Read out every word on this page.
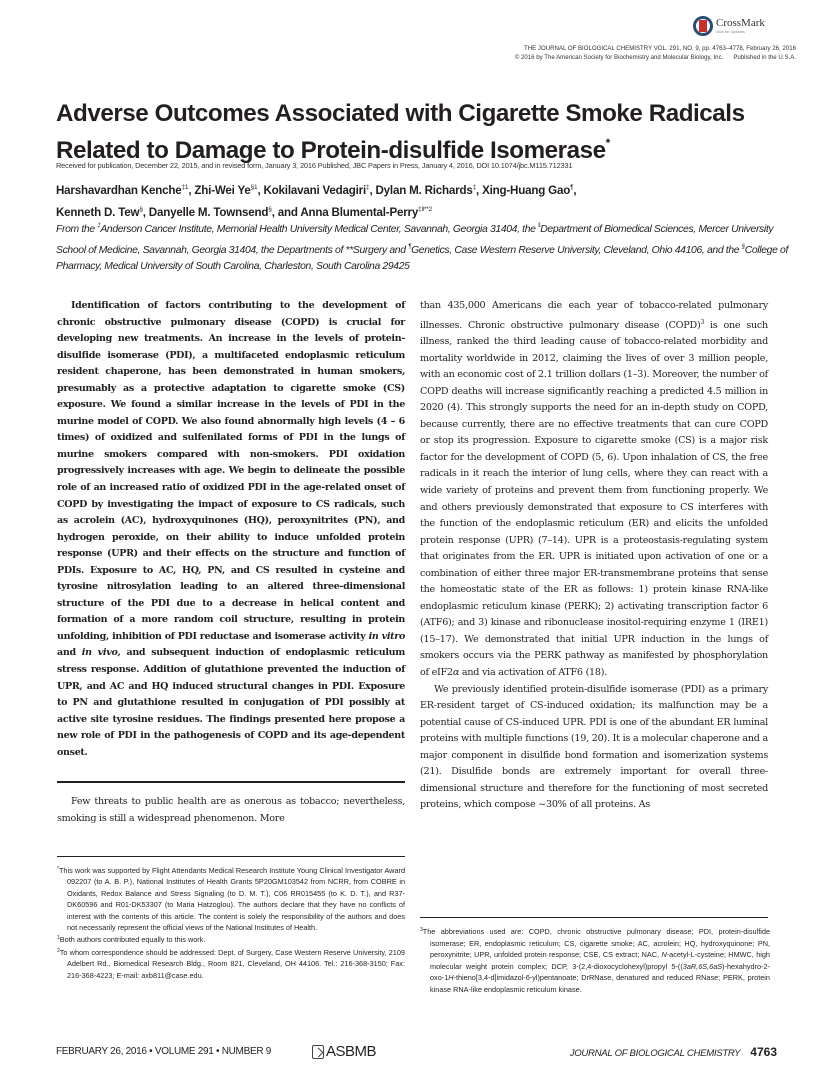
CrossMark
click for updates
THE JOURNAL OF BIOLOGICAL CHEMISTRY VOL. 291, NO. 9, pp. 4763–4778, February 26, 2016
© 2016 by The American Society for Biochemistry and Molecular Biology, Inc. Published in the U.S.A.
Adverse Outcomes Associated with Cigarette Smoke Radicals
Related to Damage to Protein-disulfide Isomerase*
Received for publication, December 22, 2015, and in revised form, January 3, 2016 Published, JBC Papers in Press, January 4, 2016, DOI 10.1074/jbc.M115.712331
Harshavardhan Kenche$^{\ddagger 1}$, Zhi-Wei Ye$^{\S 1}$, Kokilavani Vedagiri‡, Dylan M. Richards‡, Xing-Huang Gao¶,
Kenneth D. Tew§, Danyelle M. Townsend§, and Anna Blumental-Perry$^{\ddagger‖**2}$
From the ‡Anderson Cancer Institute, Memorial Health University Medical Center, Savannah, Georgia 31404, the ‖Department of Biomedical Sciences, Mercer University School of Medicine, Savannah, Georgia 31404, the Departments of **Surgery and ¶Genetics, Case Western Reserve University, Cleveland, Ohio 44106, and the §College of Pharmacy, Medical University of South Carolina, Charleston, South Carolina 29425

Identification of factors contributing to the development of chronic obstructive pulmonary disease (COPD) is crucial for developing new treatments. An increase in the levels of protein-disulfide isomerase (PDI), a multifaceted endoplasmic reticulum resident chaperone, has been demonstrated in human smokers, presumably as a protective adaptation to cigarette smoke (CS) exposure. We found a similar increase in the levels of PDI in the murine model of COPD. We also found abnormally high levels (4 – 6 times) of oxidized and sulfenilated forms of PDI in the lungs of murine smokers compared with non-smokers. PDI oxidation progressively increases with age. We begin to delineate the possible role of an increased ratio of oxidized PDI in the age-related onset of COPD by investigating the impact of exposure to CS radicals, such as acrolein (AC), hydroxyquinones (HQ), peroxynitrites (PN), and hydrogen peroxide, on their ability to induce unfolded protein response (UPR) and their effects on the structure and function of PDIs. Exposure to AC, HQ, PN, and CS resulted in cysteine and tyrosine nitrosylation leading to an altered three-dimensional structure of the PDI due to a decrease in helical content and formation of a more random coil structure, resulting in protein unfolding, inhibition of PDI reductase and isomerase activity in vitro and in vivo, and subsequent induction of endoplasmic reticulum stress response. Addition of glutathione prevented the induction of UPR, and AC and HQ induced structural changes in PDI. Exposure to PN and glutathione resulted in conjugation of PDI possibly at active site tyrosine residues. The findings presented here propose a new role of PDI in the pathogenesis of COPD and its age-dependent onset.

Few threats to public health are as onerous as tobacco; nevertheless, smoking is still a widespread phenomenon. More

*This work was supported by Flight Attendants Medical Research Institute Young Clinical Investigator Award 092207 (to A. B. P.), National Institutes of Health Grants 5P20GM103542 from NCRR, from COBRE in Oxidants, Redox Balance and Stress Signaling (to D. M. T.), C06 RR015455 (to K. D. T.), and R37-DK60596 and R01-DK53307 (to Maria Hatzoglou). The authors declare that they have no conflicts of interest with the contents of this article. The content is solely the responsibility of the authors and does not necessarily represent the official views of the National Institutes of Health.

$^1$Both authors contributed equally to this work.

$^2$To whom correspondence should be addressed: Dept. of Surgery, Case Western Reserve University, 2109 Adelbert Rd., Biomedical Research Bldg., Room 821, Cleveland, OH 44106. Tel.: 216-368-3150; Fax: 216-368-4223; E-mail: axb811@case.edu.

than 435,000 Americans die each year of tobacco-related pulmonary illnesses. Chronic obstructive pulmonary disease (COPD)$^3$ is one such illness, ranked the third leading cause of tobacco-related morbidity and mortality worldwide in 2012, claiming the lives of over 3 million people, with an economic cost of 2.1 trillion dollars (1–3). Moreover, the number of COPD deaths will increase significantly reaching a predicted 4.5 million in 2020 (4). This strongly supports the need for an in-depth study on COPD, because currently, there are no effective treatments that can cure COPD or stop its progression. Exposure to cigarette smoke (CS) is a major risk factor for the development of COPD (5, 6). Upon inhalation of CS, the free radicals in it reach the interior of lung cells, where they can react with a wide variety of proteins and prevent them from functioning properly. We and others previously demonstrated that exposure to CS interferes with the function of the endoplasmic reticulum (ER) and elicits the unfolded protein response (UPR) (7–14). UPR is a proteostasis-regulating system that originates from the ER. UPR is initiated upon activation of one or a combination of either three major ER-transmembrane proteins that sense the homeostatic state of the ER as follows: 1) protein kinase RNA-like endoplasmic reticulum kinase (PERK); 2) activating transcription factor 6 (ATF6); and 3) kinase and ribonuclease inositol-requiring enzyme 1 (IRE1) (15–17). We demonstrated that initial UPR induction in the lungs of smokers occurs via the PERK pathway as manifested by phosphorylation of eIF2α and via activation of ATF6 (18).

We previously identified protein-disulfide isomerase (PDI) as a primary ER-resident target of CS-induced oxidation; its malfunction may be a potential cause of CS-induced UPR. PDI is one of the abundant ER luminal proteins with multiple functions (19, 20). It is a molecular chaperone and a major component in disulfide bond formation and isomerization systems (21). Disulfide bonds are extremely important for overall three-dimensional structure and therefore for the functioning of most secreted proteins, which compose ~30% of all proteins. As

$^3$The abbreviations used are: COPD, chronic obstructive pulmonary disease; PDI, protein-disulfide isomerase; ER, endoplasmic reticulum; CS, cigarette smoke; AC, acrolein; HQ, hydroxyquinone; PN, peroxynitrite; UPR, unfolded protein response; CSE, CS extract; NAC, N-acetyl-L-cysteine; HMWC, high molecular weight protein complex; DCP, 3-(2,4-dioxocyclohexyl)propyl 5-((3aR,6S,6aS)-hexahydro-2-oxo-1H-thieno[3,4-d]imidazol-6-yl)pentanoate; DrRNase, denatured and reduced RNase; PERK, protein kinase RNA-like endoplasmic reticulum kinase.

FEBRUARY 26, 2016 • VOLUME 291 • NUMBER 9	ASBMB	JOURNAL OF BIOLOGICAL CHEMISTRY 4763
